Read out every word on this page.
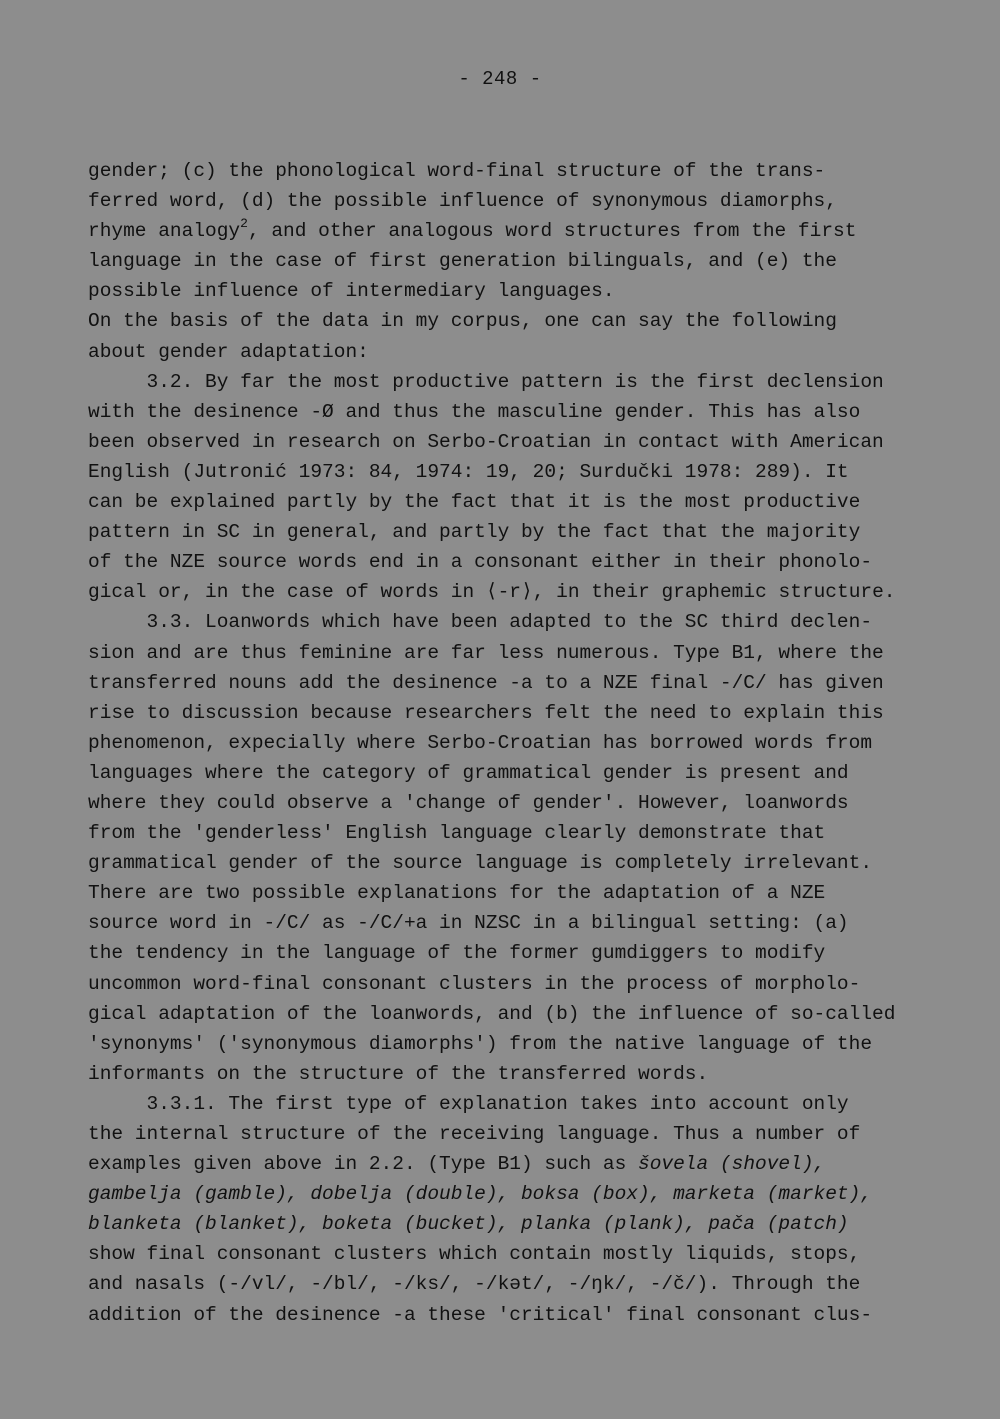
- 248 -
gender; (c) the phonological word-final structure of the trans-
ferred word, (d) the possible influence of synonymous diamorphs,
rhyme analogy$^2$, and other analogous word structures from the first
language in the case of first generation bilinguals, and (e) the
possible influence of intermediary languages.
On the basis of the data in my corpus, one can say the following
about gender adaptation:
3.2. By far the most productive pattern is the first declension
with the desinence -Ø and thus the masculine gender. This has also
been observed in research on Serbo-Croatian in contact with American
English (Jutronić 1973: 84, 1974: 19, 20; Surdučki 1978: 289). It
can be explained partly by the fact that it is the most productive
pattern in SC in general, and partly by the fact that the majority
of the NZE source words end in a consonant either in their phonolo-
gical or, in the case of words in ⟨-r⟩, in their graphemic structure.
3.3. Loanwords which have been adapted to the SC third declen-
sion and are thus feminine are far less numerous. Type B1, where the
transferred nouns add the desinence -a to a NZE final -/C/ has given
rise to discussion because researchers felt the need to explain this
phenomenon, expecially where Serbo-Croatian has borrowed words from
languages where the category of grammatical gender is present and
where they could observe a 'change of gender'. However, loanwords
from the 'genderless' English language clearly demonstrate that
grammatical gender of the source language is completely irrelevant.
There are two possible explanations for the adaptation of a NZE
source word in -/C/ as -/C/+a in NZSC in a bilingual setting: (a)
the tendency in the language of the former gumdiggers to modify
uncommon word-final consonant clusters in the process of morpholo-
gical adaptation of the loanwords, and (b) the influence of so-called
'synonyms' ('synonymous diamorphs') from the native language of the
informants on the structure of the transferred words.
3.3.1. The first type of explanation takes into account only
the internal structure of the receiving language. Thus a number of
examples given above in 2.2. (Type B1) such as šovela (shovel),
gambelja (gamble), dobelja (double), boksa (box), marketa (market),
blanketa (blanket), boketa (bucket), planka (plank), pača (patch)
show final consonant clusters which contain mostly liquids, stops,
and nasals (-/vl/, -/bl/, -/ks/, -/kət/, -/ŋk/, -/č/). Through the
addition of the desinence -a these 'critical' final consonant clus-
